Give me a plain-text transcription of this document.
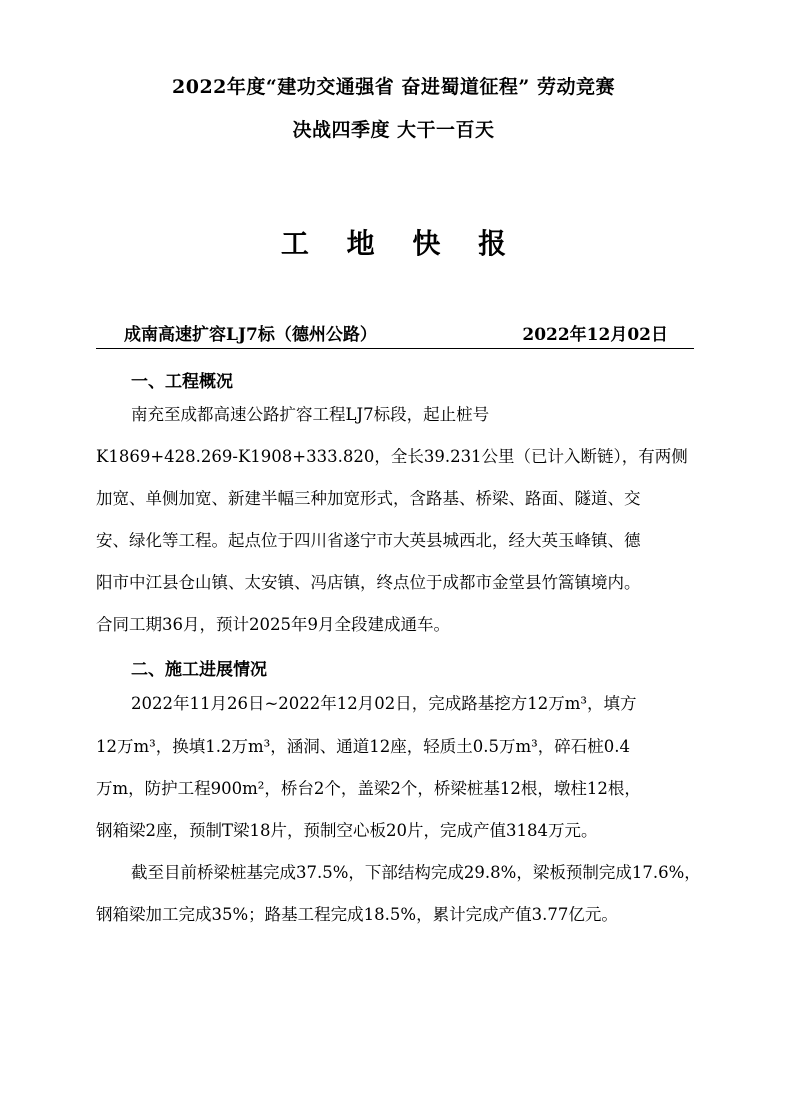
2022年度“建功交通强省 奋进蜀道征程” 劳动竞赛
决战四季度 大干一百天
工 地 快 报
成南高速扩容LJ7标（德州公路）	2022年12月02日
一、工程概况
南充至成都高速公路扩容工程LJ7标段，起止桩号
K1869+428.269-K1908+333.820，全长39.231公里（已计入断链），有两侧
加宽、单侧加宽、新建半幅三种加宽形式，含路基、桥梁、路面、隧道、交
安、绿化等工程。起点位于四川省遂宁市大英县城西北，经大英玉峰镇、德
阳市中江县仓山镇、太安镇、冯店镇，终点位于成都市金堂县竹篙镇境内。
合同工期36月，预计2025年9月全段建成通车。
二、施工进展情况
2022年11月26日~2022年12月02日，完成路基挖方12万m³，填方
12万m³，换填1.2万m³，涵洞、通道12座，轻质土0.5万m³，碎石桩0.4
万m，防护工程900m²，桥台2个，盖梁2个，桥梁桩基12根，墩柱12根，
钢箱梁2座，预制T梁18片，预制空心板20片，完成产值3184万元。
截至目前桥梁桩基完成37.5%，下部结构完成29.8%，梁板预制完成17.6%，
钢箱梁加工完成35%；路基工程完成18.5%，累计完成产值3.77亿元。
